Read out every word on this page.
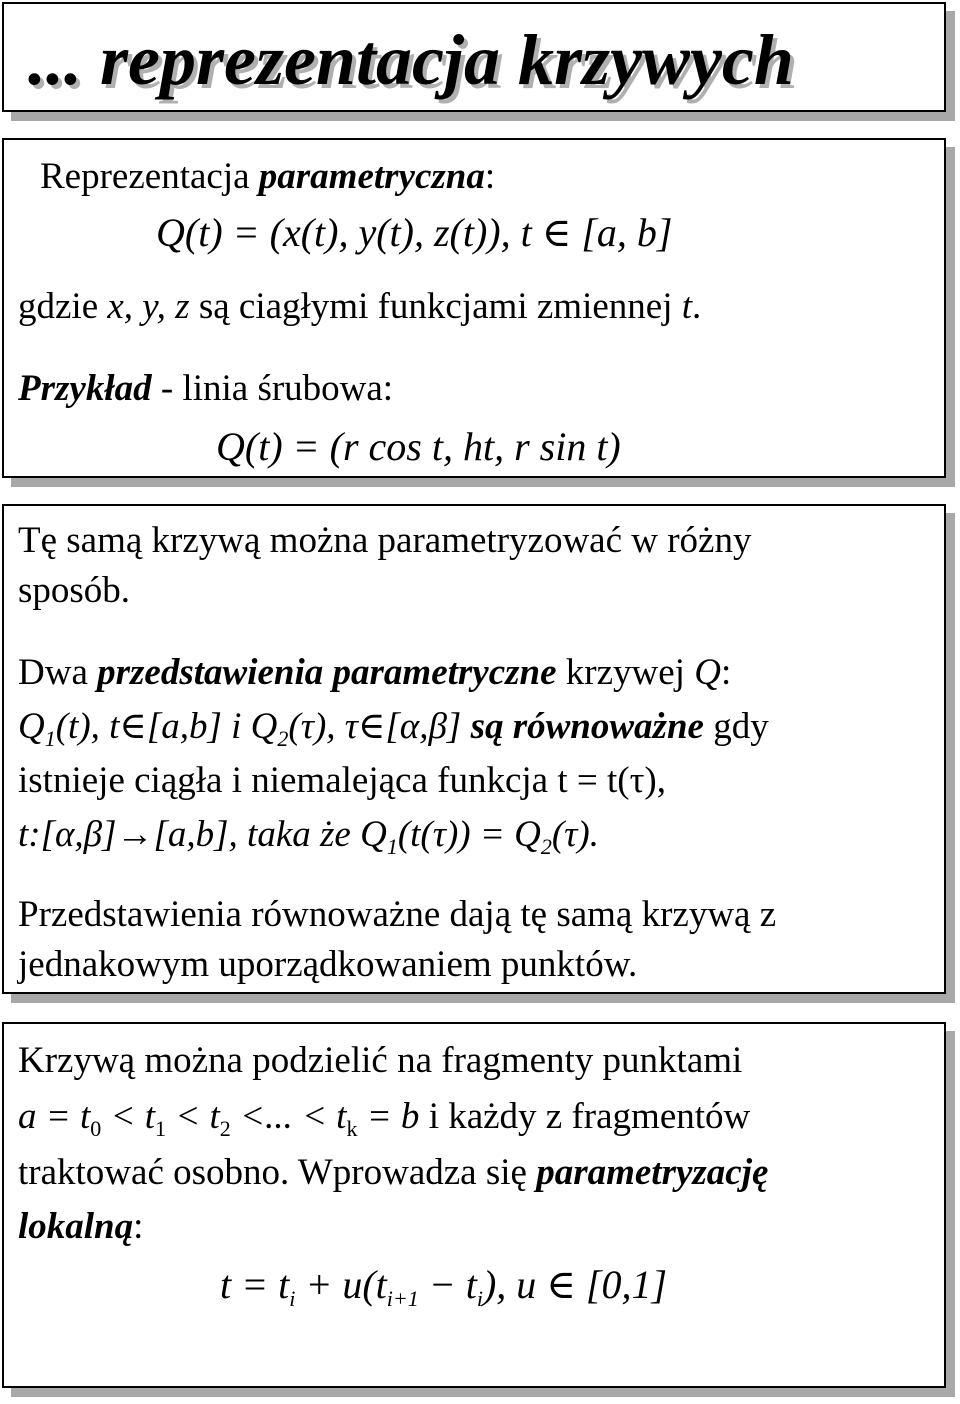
... reprezentacja krzywych
Reprezentacja parametryczna:
Q(t) = (x(t), y(t), z(t)), t ∈ [a, b]
gdzie x, y, z są ciagłymi funkcjami zmiennej t.
Przykład - linia śrubowa:
Q(t) = (r cos t, ht, r sin t)
Tę samą krzywą można parametryzować w różny
sposób.
Dwa przedstawienia parametryczne krzywej Q:
$Q_1(t)$, t∈[a,b] i $Q_2(\tau)$, τ∈[α,β] są równoważne gdy
istnieje ciągła i niemalejąca funkcja t = t(τ),
t:[α,β]→[a,b], taka że $Q_1(t(\tau)) = Q_2(\tau)$.
Przedstawienia równoważne dają tę samą krzywą z
jednakowym uporządkowaniem punktów.
Krzywą można podzielić na fragmenty punktami
$a = t_0 < t_1 < t_2$ <... < $t_k = b$ i każdy z fragmentów
traktować osobno. Wprowadza się parametryzację
lokalną:
$t = t_i + u(t_{i+1} - t_i)$, u ∈ [0,1]
